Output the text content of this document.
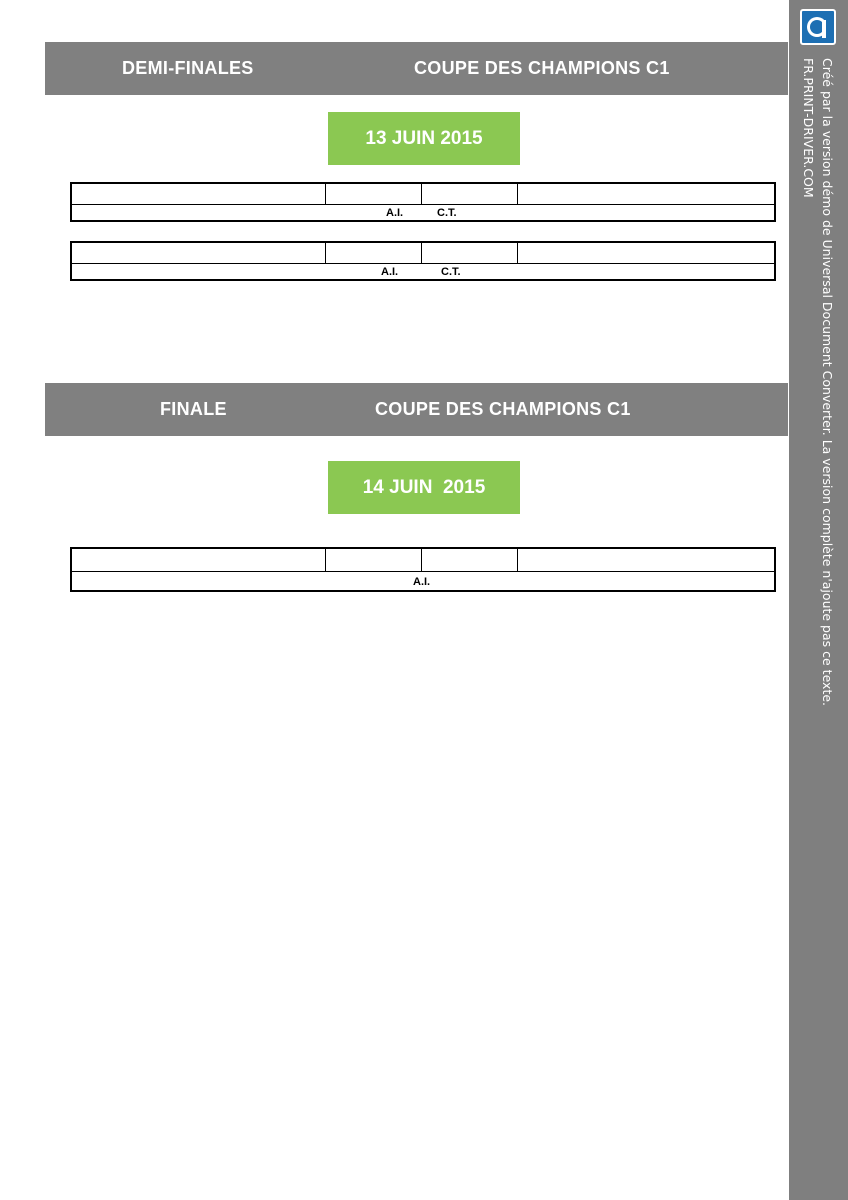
DEMI-FINALES	COUPE DES CHAMPIONS C1
13 JUIN 2015
A.I.	C.T.
A.I.	C.T.
FINALE	COUPE DES CHAMPIONS C1
14 JUIN  2015
A.I.	Créé par la version démo de Universal Document Converter. La version complète n'ajoute pas ce texte.
FR.PRINT-DRIVER.COM
